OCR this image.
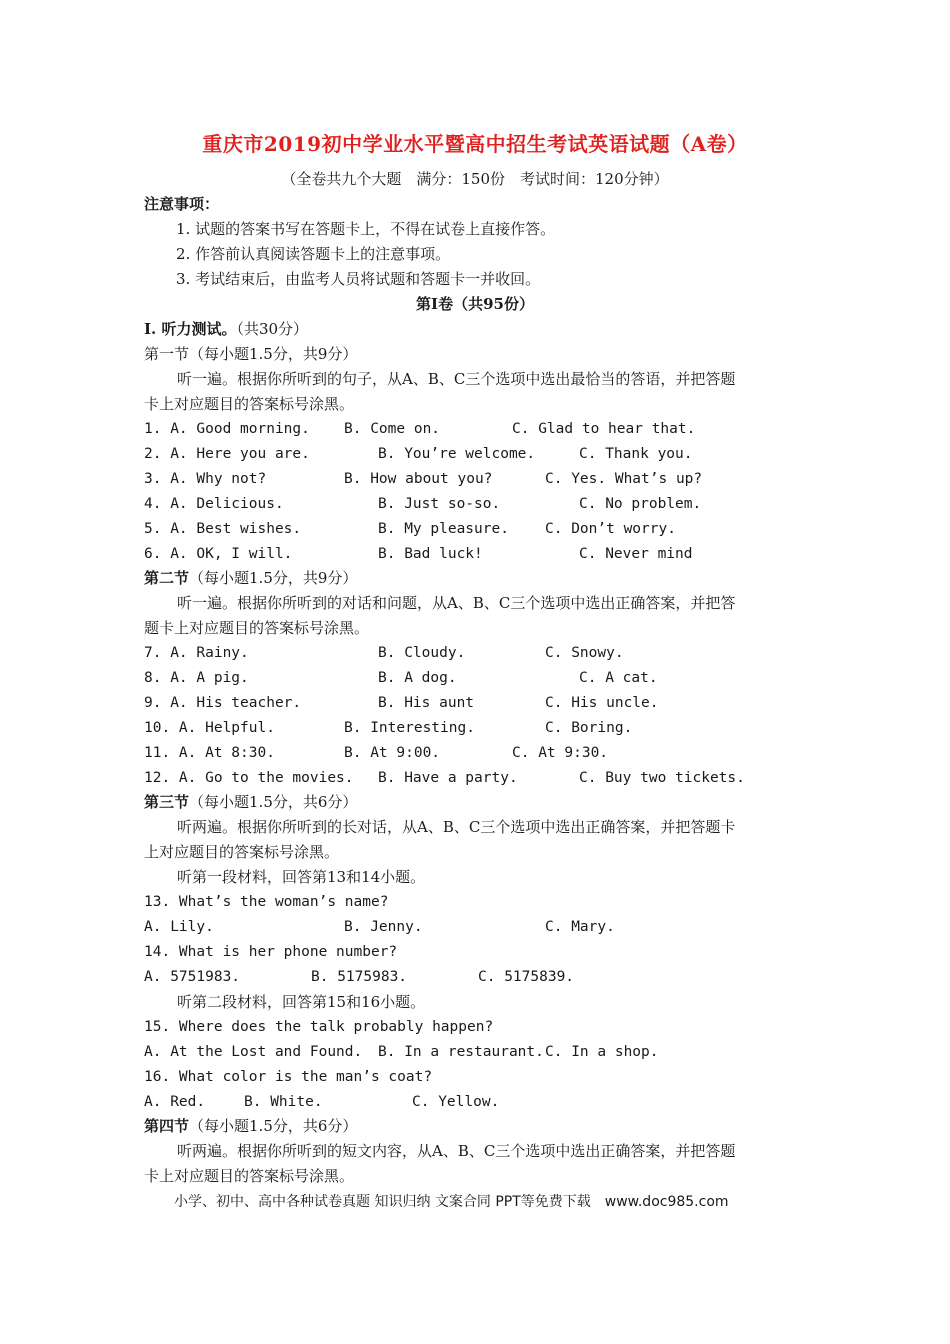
重庆市2019初中学业水平暨高中招生考试英语试题（A卷）
（全卷共九个大题　满分：150份　考试时间：120分钟）
注意事项：
1. 试题的答案书写在答题卡上，不得在试卷上直接作答。
2. 作答前认真阅读答题卡上的注意事项。
3. 考试结束后，由监考人员将试题和答题卡一并收回。
第Ⅰ卷（共95份）
I. 听力测试。（共30分）
第一节（每小题1.5分，共9分）
听一遍。根据你所听到的句子，从A、B、C三个选项中选出最恰当的答语，并把答题
卡上对应题目的答案标号涂黑。
1. A. Good morning. B. Come on.	C. Glad to hear that.
2. A. Here you are.	B. You’re welcome.	C. Thank you.
3. A. Why not?	B. How about you?	C. Yes. What’s up?
4. A. Delicious.	B. Just so-so.	C. No problem.
5. A. Best wishes.	B. My pleasure. C. Don’t worry.
6. A. OK, I will.	B. Bad luck!	C. Never mind
第二节（每小题1.5分，共9分）
听一遍。根据你所听到的对话和问题，从A、B、C三个选项中选出正确答案，并把答
题卡上对应题目的答案标号涂黑。
7. A. Rainy.	B. Cloudy.	C. Snowy.
8. A. A pig.	B. A dog.	C. A cat.
9. A. His teacher.	B. His aunt	C. His uncle.
10. A. Helpful.	B. Interesting.	C. Boring.
11. A. At 8:30.	B. At 9:00.	C. At 9:30.
12. A. Go to the movies. B. Have a party.	C. Buy two tickets.
第三节（每小题1.5分，共6分）
听两遍。根据你所听到的长对话，从A、B、C三个选项中选出正确答案，并把答题卡
上对应题目的答案标号涂黑。
听第一段材料，回答第13和14小题。
13. What’s the woman’s name?
A. Lily.	B. Jenny.	C. Mary.
14. What is her phone number?
A. 5751983.	B. 5175983.	C. 5175839.
听第二段材料，回答第15和16小题。
15. Where does the talk probably happen?
A. At the Lost and Found. B. In a restaurant. C. In a shop.
16. What color is the man’s coat?
A. Red.	B. White.	C. Yellow.
第四节（每小题1.5分，共6分）
听两遍。根据你所听到的短文内容，从A、B、C三个选项中选出正确答案，并把答题
卡上对应题目的答案标号涂黑。
小学、初中、高中各种试卷真题 知识归纳 文案合同 PPT等免费下载　www.doc985.com
